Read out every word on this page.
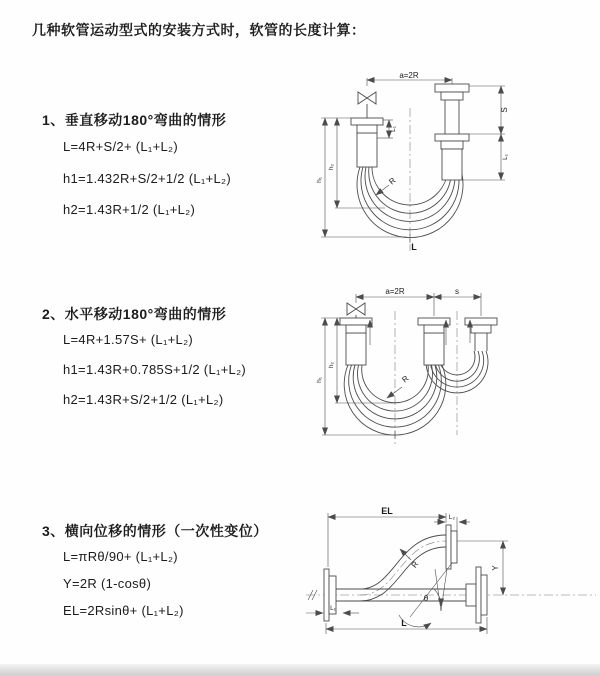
几种软管运动型式的安装方式时，软管的长度计算：
1、垂直移动180°弯曲的情形
L=4R+S/2+ (L₁+L₂)
h1=1.432R+S/2+1/2 (L₁+L₂)
h2=1.43R+1/2 (L₁+L₂)
2、水平移动180°弯曲的情形
L=4R+1.57S+ (L₁+L₂)
h1=1.43R+0.785S+1/2 (L₁+L₂)
h2=1.43R+S/2+1/2 (L₁+L₂)
3、横向位移的情形（一次性变位）
L=πRθ/90+ (L₁+L₂)
Y=2R (1-cosθ)
EL=2Rsinθ+ (L₁+L₂)
a=2R
S
L₁
h₁
h₂
L₁
R
L
a=2R	s
h₁
h₂
R
θ
R
EL
L₂
Y
L
L₁
